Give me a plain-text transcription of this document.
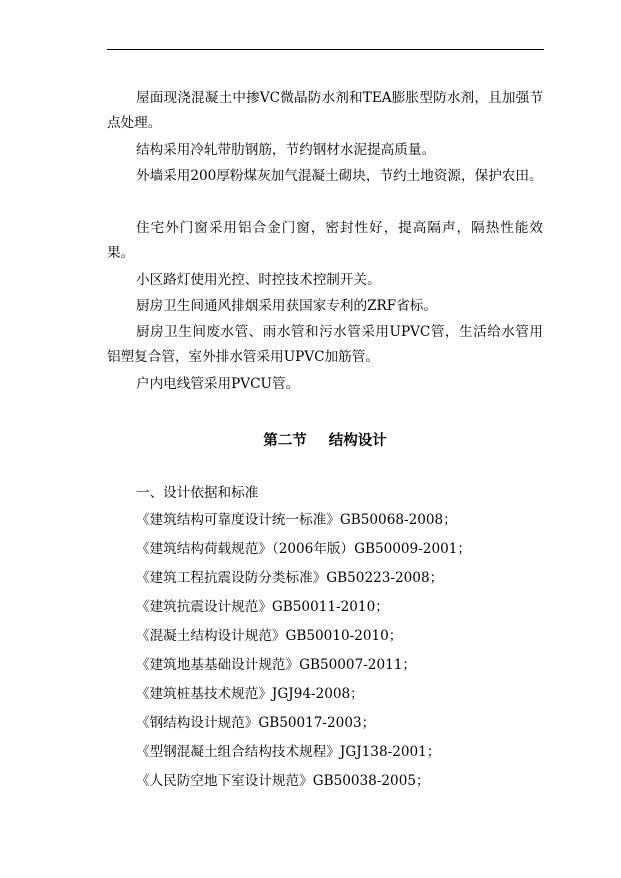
屋面现浇混凝土中掺VC微晶防水剂和TEA膨胀型防水剂，且加强节点处理。

结构采用冷轧带肋钢筋，节约钢材水泥提高质量。

外墙采用200厚粉煤灰加气混凝土砌块，节约土地资源，保护农田。

住宅外门窗采用铝合金门窗，密封性好，提高隔声，隔热性能效果。

小区路灯使用光控、时控技术控制开关。

厨房卫生间通风排烟采用获国家专利的ZRF省标。

厨房卫生间废水管、雨水管和污水管采用UPVC管，生活给水管用铝塑复合管，室外排水管采用UPVC加筋管。

户内电线管采用PVCU管。

第二节 结构设计
一、设计依据和标准
《建筑结构可靠度设计统一标准》GB50068-2008；
《建筑结构荷载规范》（2006年版）GB50009-2001；
《建筑工程抗震设防分类标准》GB50223-2008；
《建筑抗震设计规范》GB50011-2010；
《混凝土结构设计规范》GB50010-2010；
《建筑地基基础设计规范》GB50007-2011；
《建筑桩基技术规范》JGJ94-2008；
《钢结构设计规范》GB50017-2003；
《型钢混凝土组合结构技术规程》JGJ138-2001；
《人民防空地下室设计规范》GB50038-2005；
